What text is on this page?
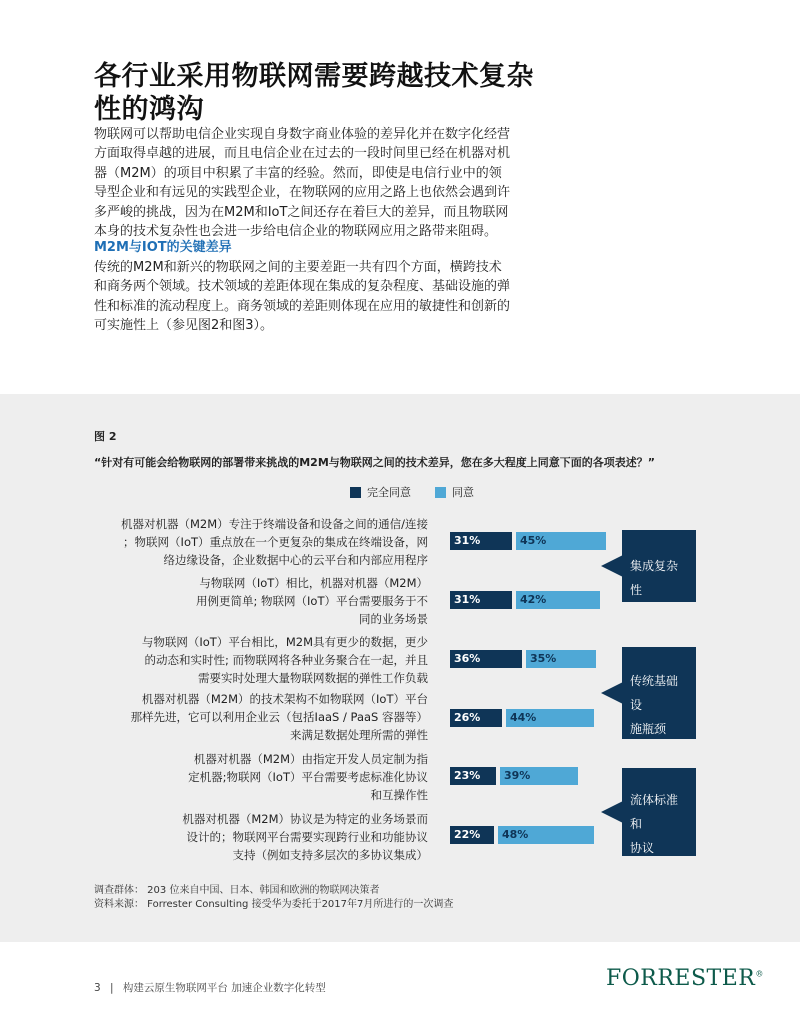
各行业采用物联网需要跨越技术复杂性的鸿沟
物联网可以帮助电信企业实现自身数字商业体验的差异化并在数字化经营方面取得卓越的进展，而且电信企业在过去的一段时间里已经在机器对机器（M2M）的项目中积累了丰富的经验。然而，即使是电信行业中的领导型企业和有远见的实践型企业，在物联网的应用之路上也依然会遇到许多严峻的挑战，因为在M2M和IoT之间还存在着巨大的差异，而且物联网本身的技术复杂性也会进一步给电信企业的物联网应用之路带来阻碍。
M2M与IOT的关键差异
传统的M2M和新兴的物联网之间的主要差距一共有四个方面，横跨技术和商务两个领域。技术领域的差距体现在集成的复杂程度、基础设施的弹性和标准的流动程度上。商务领域的差距则体现在应用的敏捷性和创新的可实施性上（参见图2和图3）。
图 2
“针对有可能会给物联网的部署带来挑战的M2M与物联网之间的技术差异，您在多大程度上同意下面的各项表述？”
完全同意	同意
机器对机器（M2M）专注于终端设备和设备之间的通信/连接
；物联网（IoT）重点放在一个更复杂的集成在终端设备，网
络边缘设备，企业数据中心的云平台和内部应用程序
31%	45%
与物联网（IoT）相比，机器对机器（M2M）
用例更简单; 物联网（IoT）平台需要服务于不
同的业务场景
31%	42%
与物联网（IoT）平台相比，M2M具有更少的数据，更少
的动态和实时性; 而物联网将各种业务聚合在一起，并且
需要实时处理大量物联网数据的弹性工作负载
36%	35%
机器对机器（M2M）的技术架构不如物联网（IoT）平台
那样先进，它可以利用企业云（包括IaaS / PaaS 容器等）
来满足数据处理所需的弹性
26%	44%
机器对机器（M2M）由指定开发人员定制为指
定机器;物联网（IoT）平台需要考虑标准化协议
和互操作性
23%	39%
机器对机器（M2M）协议是为特定的业务场景而
设计的；物联网平台需要实现跨行业和功能协议
支持（例如支持多层次的多协议集成）
22%	48%
集成复杂性
传统基础设
施瓶颈
流体标准和
协议
调查群体： 203 位来自中国、日本、韩国和欧洲的物联网决策者
资料来源： Forrester Consulting 接受华为委托于2017年7月所进行的一次调查
3 | 构建云原生物联网平台 加速企业数字化转型	FORRESTER®
